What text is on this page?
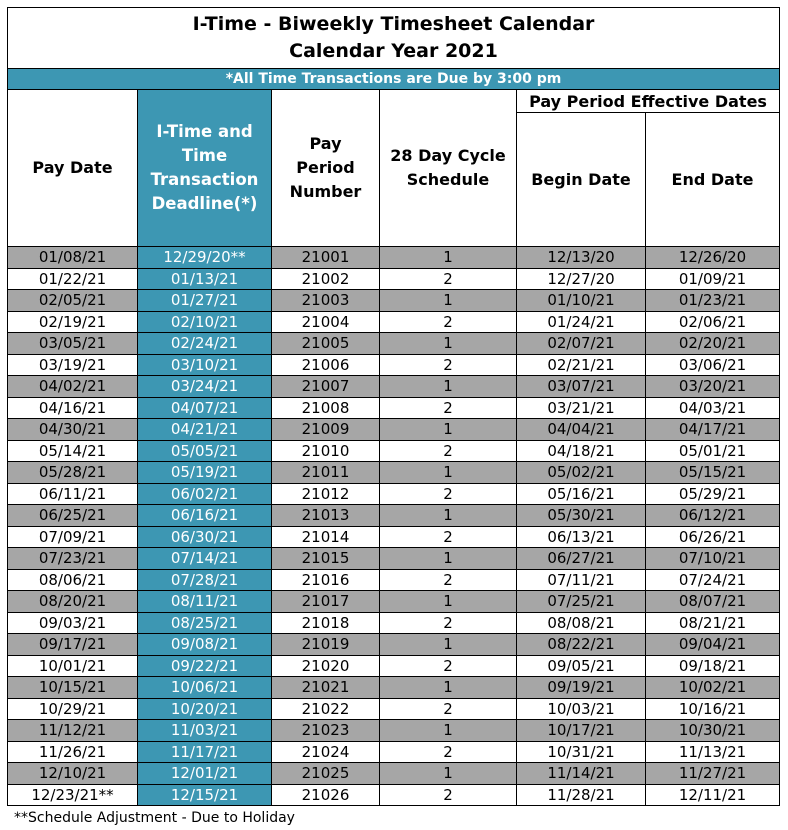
I-Time - Biweekly Timesheet Calendar
Calendar Year 2021					
*All Time Transactions are Due by 3:00 pm					
Pay Date	I-Time and
Time
Transaction
Deadline(*)	Pay
Period
Number	28 Day Cycle
Schedule	Pay Period Effective Dates	
				Begin Date	End Date
01/08/21	12/29/20**	21001	1	12/13/20	12/26/20
01/22/21	01/13/21	21002	2	12/27/20	01/09/21
02/05/21	01/27/21	21003	1	01/10/21	01/23/21
02/19/21	02/10/21	21004	2	01/24/21	02/06/21
03/05/21	02/24/21	21005	1	02/07/21	02/20/21
03/19/21	03/10/21	21006	2	02/21/21	03/06/21
04/02/21	03/24/21	21007	1	03/07/21	03/20/21
04/16/21	04/07/21	21008	2	03/21/21	04/03/21
04/30/21	04/21/21	21009	1	04/04/21	04/17/21
05/14/21	05/05/21	21010	2	04/18/21	05/01/21
05/28/21	05/19/21	21011	1	05/02/21	05/15/21
06/11/21	06/02/21	21012	2	05/16/21	05/29/21
06/25/21	06/16/21	21013	1	05/30/21	06/12/21
07/09/21	06/30/21	21014	2	06/13/21	06/26/21
07/23/21	07/14/21	21015	1	06/27/21	07/10/21
08/06/21	07/28/21	21016	2	07/11/21	07/24/21
08/20/21	08/11/21	21017	1	07/25/21	08/07/21
09/03/21	08/25/21	21018	2	08/08/21	08/21/21
09/17/21	09/08/21	21019	1	08/22/21	09/04/21
10/01/21	09/22/21	21020	2	09/05/21	09/18/21
10/15/21	10/06/21	21021	1	09/19/21	10/02/21
10/29/21	10/20/21	21022	2	10/03/21	10/16/21
11/12/21	11/03/21	21023	1	10/17/21	10/30/21
11/26/21	11/17/21	21024	2	10/31/21	11/13/21
12/10/21	12/01/21	21025	1	11/14/21	11/27/21
12/23/21**	12/15/21	21026	2	11/28/21	12/11/21
**Schedule Adjustment - Due to Holiday
